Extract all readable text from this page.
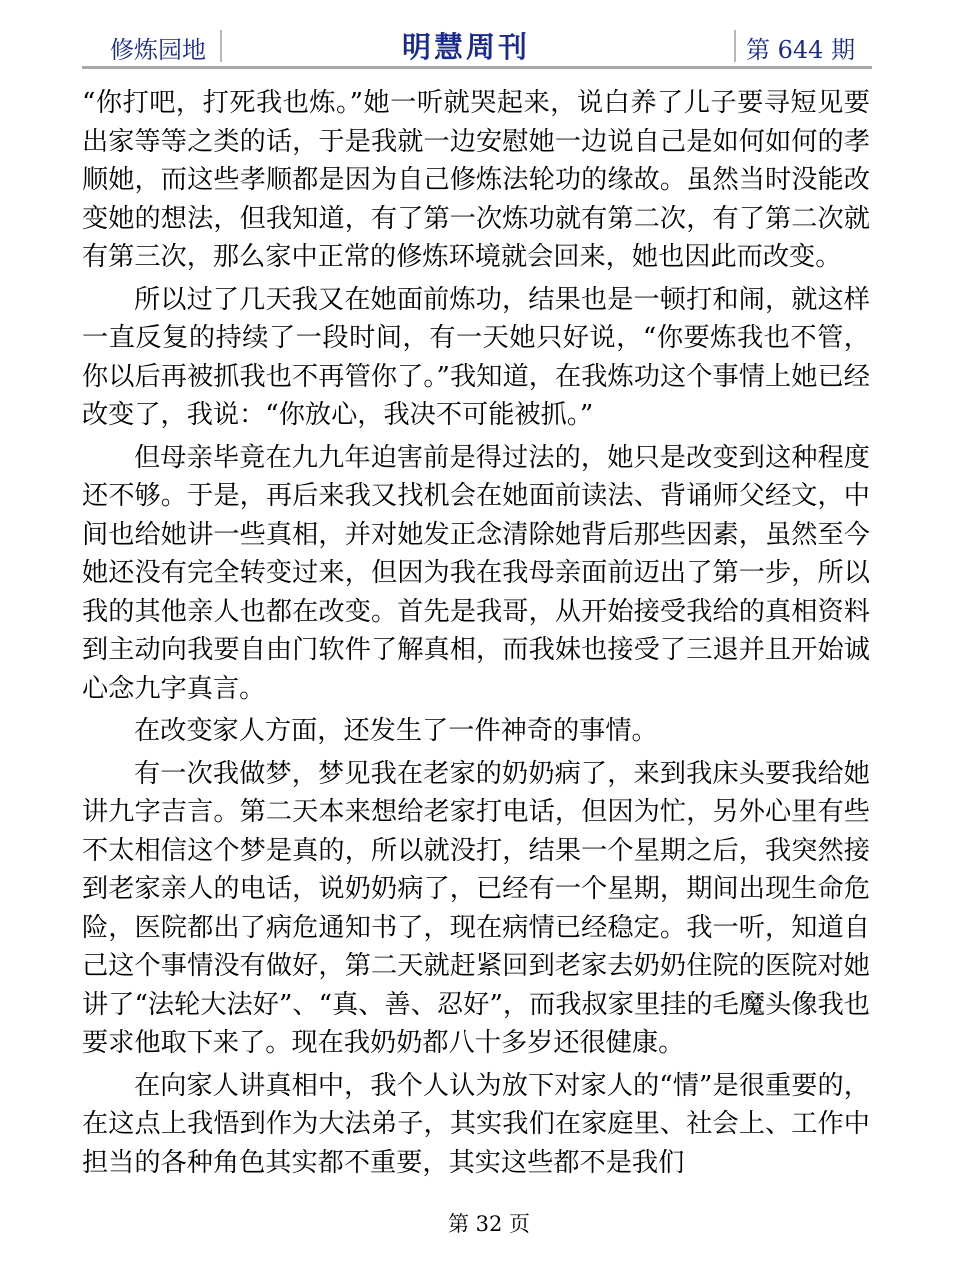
修炼园地	明慧周刊	第 644 期

“你打吧，打死我也炼。”她一听就哭起来，说白养了儿子要寻短见要出家等等之类的话，于是我就一边安慰她一边说自己是如何如何的孝顺她，而这些孝顺都是因为自己修炼法轮功的缘故。虽然当时没能改变她的想法，但我知道，有了第一次炼功就有第二次，有了第二次就有第三次，那么家中正常的修炼环境就会回来，她也因此而改变。

所以过了几天我又在她面前炼功，结果也是一顿打和闹，就这样一直反复的持续了一段时间，有一天她只好说，“你要炼我也不管，你以后再被抓我也不再管你了。”我知道，在我炼功这个事情上她已经改变了，我说：“你放心，我决不可能被抓。”

但母亲毕竟在九九年迫害前是得过法的，她只是改变到这种程度还不够。于是，再后来我又找机会在她面前读法、背诵师父经文，中间也给她讲一些真相，并对她发正念清除她背后那些因素，虽然至今她还没有完全转变过来，但因为我在我母亲面前迈出了第一步，所以我的其他亲人也都在改变。首先是我哥，从开始接受我给的真相资料到主动向我要自由门软件了解真相，而我妹也接受了三退并且开始诚心念九字真言。

在改变家人方面，还发生了一件神奇的事情。

有一次我做梦，梦见我在老家的奶奶病了，来到我床头要我给她讲九字吉言。第二天本来想给老家打电话，但因为忙，另外心里有些不太相信这个梦是真的，所以就没打，结果一个星期之后，我突然接到老家亲人的电话，说奶奶病了，已经有一个星期，期间出现生命危险，医院都出了病危通知书了，现在病情已经稳定。我一听，知道自己这个事情没有做好，第二天就赶紧回到老家去奶奶住院的医院对她讲了“法轮大法好”、“真、善、忍好”，而我叔家里挂的毛魔头像我也要求他取下来了。现在我奶奶都八十多岁还很健康。

在向家人讲真相中，我个人认为放下对家人的“情”是很重要的，在这点上我悟到作为大法弟子，其实我们在家庭里、社会上、工作中担当的各种角色其实都不重要，其实这些都不是我们

第 32 页
